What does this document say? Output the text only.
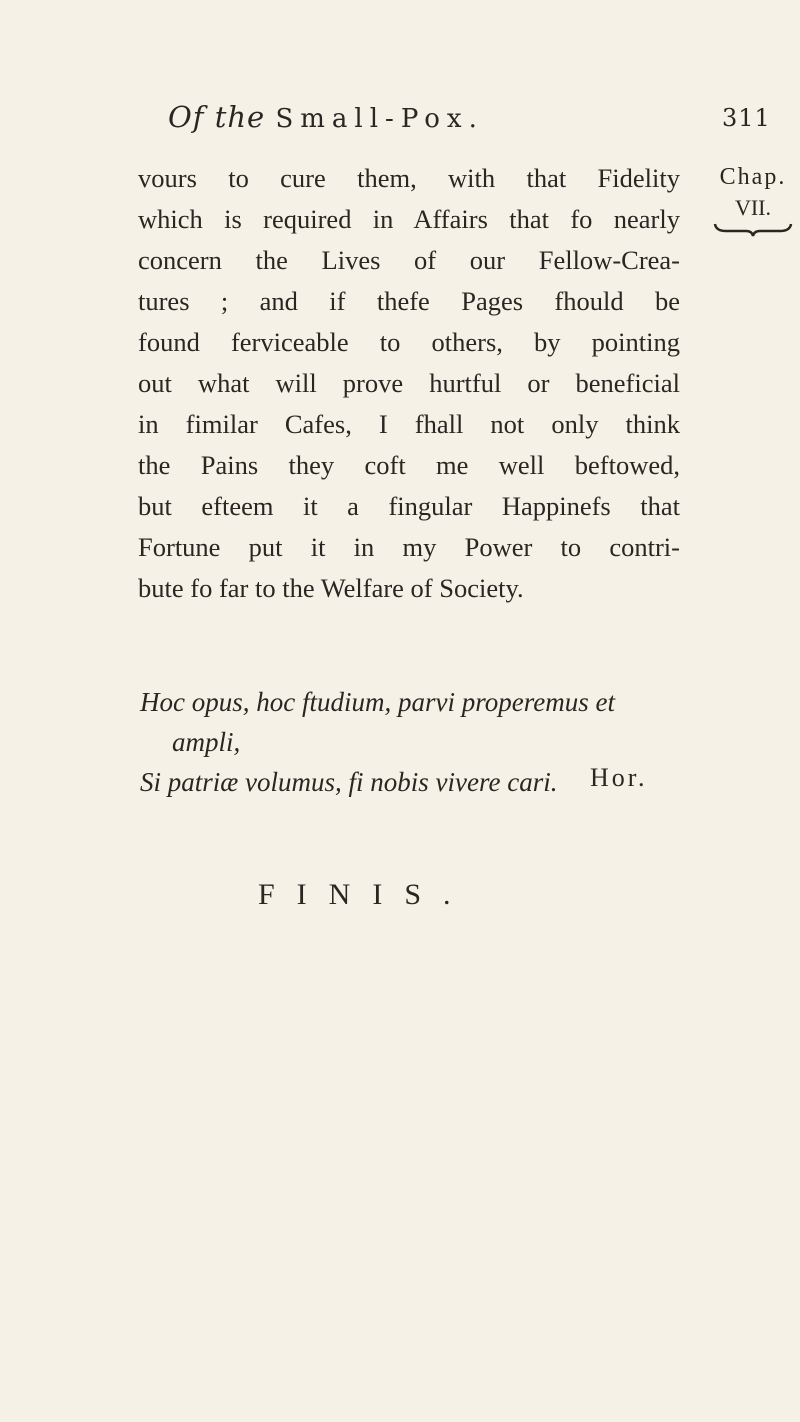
Of the Small-Pox.	311
Chap.
VII.
vours to cure them, with that Fidelity
which is required in Affairs that fo nearly
concern the Lives of our Fellow-Crea-
tures ; and if thefe Pages fhould be
found ferviceable to others, by pointing
out what will prove hurtful or beneficial
in fimilar Cafes, I fhall not only think
the Pains they coft me well beftowed,
but efteem it a fingular Happinefs that
Fortune put it in my Power to contri-
bute fo far to the Welfare of Society.
Hoc opus, hoc ftudium, parvi properemus et
ampli,
Si patriæ volumus, fi nobis vivere cari.	Hor.
FINIS.
